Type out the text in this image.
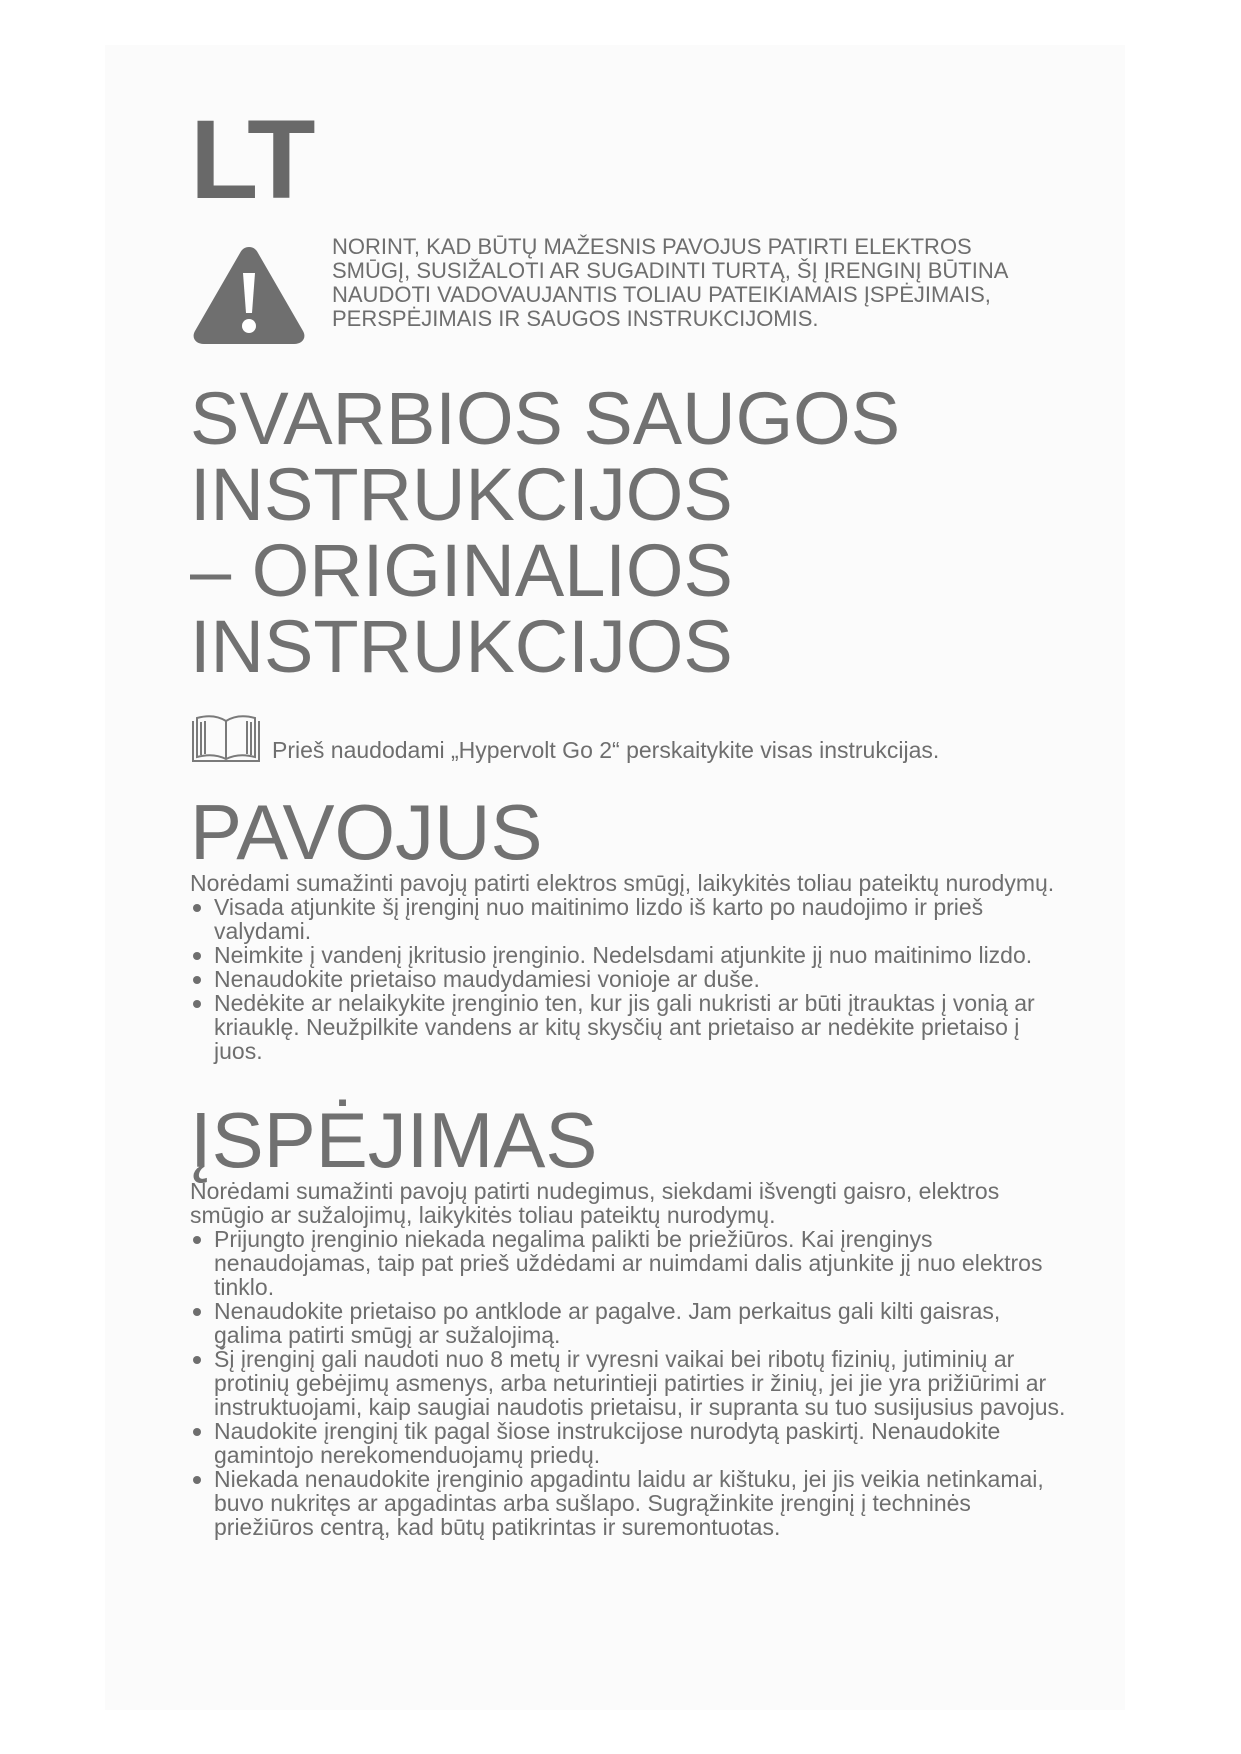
LT
NORINT, KAD BŪTŲ MAŽESNIS PAVOJUS PATIRTI ELEKTROS SMŪGĮ, SUSIŽALOTI AR SUGADINTI TURTĄ, ŠĮ ĮRENGINĮ BŪTINA NAUDOTI VADOVAUJANTIS TOLIAU PATEIKIAMAIS ĮSPĖJIMAIS, PERSPĖJIMAIS IR SAUGOS INSTRUKCIJOMIS.
SVARBIOS SAUGOS
INSTRUKCIJOS
– ORIGINALIOS
INSTRUKCIJOS
Prieš naudodami „Hypervolt Go 2“ perskaitykite visas instrukcijas.
PAVOJUS

Norėdami sumažinti pavojų patirti elektros smūgį, laikykitės toliau pateiktų nurodymų.

Visada atjunkite šį įrenginį nuo maitinimo lizdo iš karto po naudojimo ir prieš valydami.
Neimkite į vandenį įkritusio įrenginio. Nedelsdami atjunkite jį nuo maitinimo lizdo.
Nenaudokite prietaiso maudydamiesi vonioje ar duše.
Nedėkite ar nelaikykite įrenginio ten, kur jis gali nukristi ar būti įtrauktas į vonią ar kriauklę. Neužpilkite vandens ar kitų skysčių ant prietaiso ar nedėkite prietaiso į juos.
ĮSPĖJIMAS

Norėdami sumažinti pavojų patirti nudegimus, siekdami išvengti gaisro, elektros smūgio ar sužalojimų, laikykitės toliau pateiktų nurodymų.

Prijungto įrenginio niekada negalima palikti be priežiūros. Kai įrenginys nenaudojamas, taip pat prieš uždėdami ar nuimdami dalis atjunkite jį nuo elektros tinklo.
Nenaudokite prietaiso po antklode ar pagalve. Jam perkaitus gali kilti gaisras, galima patirti smūgį ar sužalojimą.
Šį įrenginį gali naudoti nuo 8 metų ir vyresni vaikai bei ribotų fizinių, jutiminių ar protinių gebėjimų asmenys, arba neturintieji patirties ir žinių, jei jie yra prižiūrimi ar instruktuojami, kaip saugiai naudotis prietaisu, ir supranta su tuo susijusius pavojus.
Naudokite įrenginį tik pagal šiose instrukcijose nurodytą paskirtį. Nenaudokite gamintojo nerekomenduojamų priedų.
Niekada nenaudokite įrenginio apgadintu laidu ar kištuku, jei jis veikia netinkamai, buvo nukritęs ar apgadintas arba sušlapo. Sugrąžinkite įrenginį į techninės priežiūros centrą, kad būtų patikrintas ir suremontuotas.
